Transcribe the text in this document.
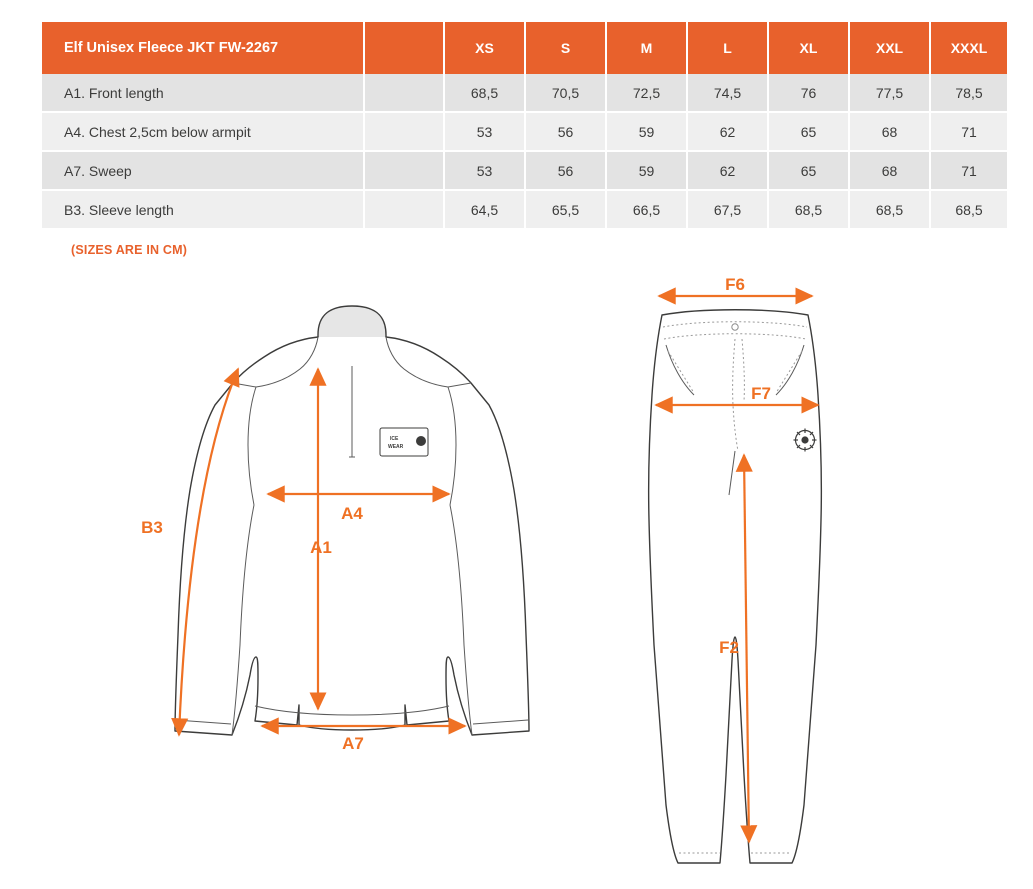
Elf Unisex Fleece JKT FW-2267		XS	S	M	L	XL	XXL	XXXL
A1. Front length		68,5	70,5	72,5	74,5	76	77,5	78,5
A4. Chest 2,5cm below armpit		53	56	59	62	65	68	71
A7. Sweep		53	56	59	62	65	68	71
B3. Sleeve length		64,5	65,5	66,5	67,5	68,5	68,5	68,5
(SIZES ARE IN CM)
ICE
WEAR
B3
A4
A1
A7
F6
F7
F2
